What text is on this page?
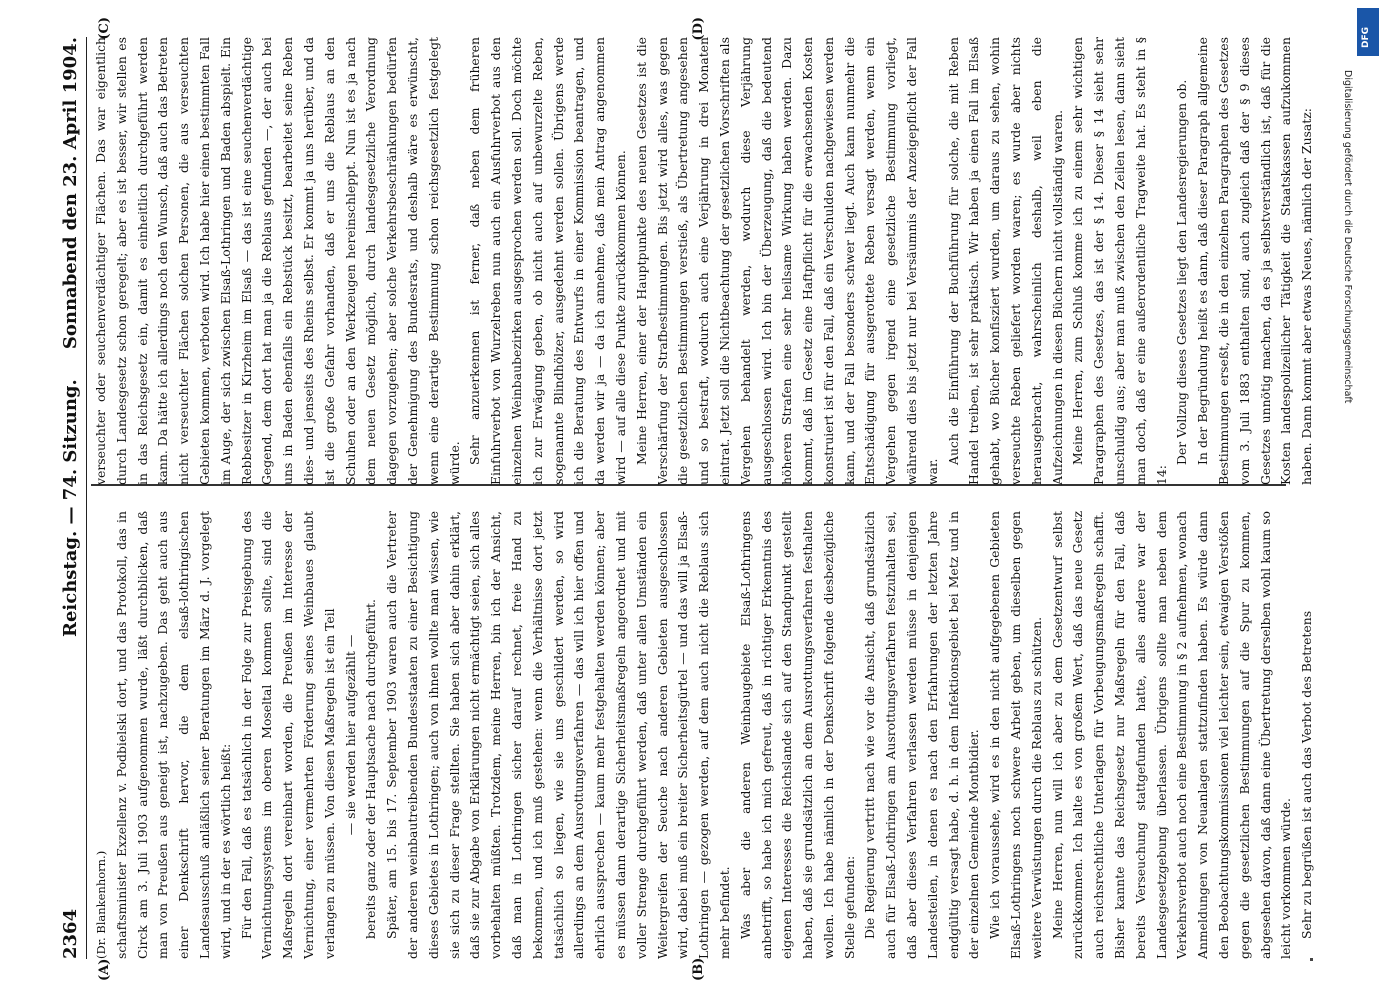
2364
Reichstag. — 74. Sitzung.
Sonnabend den 23. April 1904.
(A)	(B)
(C)	(D)

(Dr. Blankenhorn.) schaftsminister Exzellenz v. Podbielski dort, und das Protokoll, das in Circk am 3. Juli 1903 aufgenommen wurde, läßt durchblicken, daß man von Preußen aus geneigt ist, nachzugeben. Das geht auch aus einer Denkschrift hervor, die dem elsaß-lothringischen Landesausschuß anläßlich seiner Beratungen im März d. J. vorgelegt wird, und in der es wörtlich heißt: Für den Fall, daß es tatsächlich in der Folge zur Preisgebung des Vernichtungssystems im oberen Moseltal kommen sollte, sind die Maßregeln dort vereinbart worden, die Preußen im Interesse der Vernichtung, einer vermehrten Förderung seines Weinbaues glaubt verlangen zu müssen. Von diesen Maßregeln ist ein Teil — sie werden hier aufgezählt — bereits ganz oder der Hauptsache nach durchgeführt. Später, am 15. bis 17. September 1903 waren auch die Vertreter der anderen weinbautreibenden Bundesstaaten zu einer Besichtigung dieses Gebietes in Lothringen; auch von ihnen wollte man wissen, wie sie sich zu dieser Frage stellten. Sie haben sich aber dahin erklärt, daß sie zur Abgabe von Erklärungen nicht ermächtigt seien, sich alles vorbehalten müßten. Trotzdem, meine Herren, bin ich der Ansicht, daß man in Lothringen sicher darauf rechnet, freie Hand zu bekommen, und ich muß gestehen: wenn die Verhältnisse dort jetzt tatsächlich so liegen, wie sie uns geschildert werden, so wird allerdings an dem Ausrottungsverfahren — das will ich hier offen und ehrlich aussprechen — kaum mehr festgehalten werden können; aber es müssen dann derartige Sicherheitsmaßregeln angeordnet und mit voller Strenge durchgeführt werden, daß unter allen Umständen ein Weitergreifen der Seuche nach anderen Gebieten ausgeschlossen wird, dabei muß ein breiter Sicherheitsgürtel — und das will ja Elsaß-Lothringen — gezogen werden, auf dem auch nicht die Reblaus sich mehr befindet. Was aber die anderen Weinbaugebiete Elsaß-Lothringens anbetrifft, so habe ich mich gefreut, daß in richtiger Erkenntnis des eigenen Interesses die Reichslande sich auf den Standpunkt gestellt haben, daß sie grundsätzlich an dem Ausrottungsverfahren festhalten wollen. Ich habe nämlich in der Denkschrift folgende diesbezügliche Stelle gefunden: Die Regierung vertritt nach wie vor die Ansicht, daß grundsätzlich auch für Elsaß-Lothringen am Ausrottungsverfahren festzuhalten sei, daß aber dieses Verfahren verlassen werden müsse in denjenigen Landesteilen, in denen es nach den Erfahrungen der letzten Jahre endgültig versagt habe, d. h. in dem Infektionsgebiet bei Metz und in der einzelnen Gemeinde Montbidier. Wie ich voraussehe, wird es in den nicht aufgegebenen Gebieten Elsaß-Lothringens noch schwere Arbeit geben, um dieselben gegen weitere Verwüstungen durch die Reblaus zu schützen. Meine Herren, nun will ich aber zu dem Gesetzentwurf selbst zurückkommen. Ich halte es von großem Wert, daß das neue Gesetz auch reichsrechtliche Unterlagen für Vorbeugungsmaßregeln schafft. Bisher kannte das Reichsgesetz nur Maßregeln für den Fall, daß bereits Verseuchung stattgefunden hatte, alles andere war der Landesgesetzgebung überlassen. Übrigens sollte man neben dem Verkehrsverbot auch noch eine Bestimmung in § 2 aufnehmen, wonach Anmeldungen von Neuanlagen stattzufinden haben. Es würde dann den Beobachtungskommissionen viel leichter sein, etwaigen Verstößen gegen die gesetzlichen Bestimmungen auf die Spur zu kommen, abgesehen davon, daß dann eine Übertretung derselben wohl kaum so leicht vorkommen würde. Sehr zu begrüßen ist auch das Verbot des Betretens

verseuchter oder seuchenverdächtiger Flächen. Das war eigentlich durch Landesgesetz schon geregelt; aber es ist besser, wir stellen es in das Reichsgesetz ein, damit es einheitlich durchgeführt werden kann. Da hätte ich allerdings noch den Wunsch, daß auch das Betreten nicht verseuchter Flächen solchen Personen, die aus verseuchten Gebieten kommen, verboten wird. Ich habe hier einen bestimmten Fall im Auge, der sich zwischen Elsaß-Lothringen und Baden abspielt. Ein Rebbesitzer in Kirzheim im Elsaß — das ist eine seuchenverdächtige Gegend, dem dort hat man ja die Reblaus gefunden —, der auch bei uns in Baden ebenfalls ein Rebstück besitzt, bearbeitet seine Reben dies- und jenseits des Rheins selbst. Er kommt ja uns herüber, und da ist die große Gefahr vorhanden, daß er uns die Reblaus an den Schuhen oder an den Werkzeugen hereinschleppt. Nun ist es ja nach dem neuen Gesetz möglich, durch landesgesetzliche Verordnung dagegen vorzugehen; aber solche Verkehrsbeschränkungen bedürfen der Genehmigung des Bundesrats, und deshalb wäre es erwünscht, wenn eine derartige Bestimmung schon reichsgesetzlich festgelegt würde. Sehr anzuerkennen ist ferner, daß neben dem früheren Einfuhrverbot von Wurzelreben nun auch ein Ausfuhrverbot aus den einzelnen Weinbaubezirken ausgesprochen werden soll. Doch möchte ich zur Erwägung geben, ob nicht auch auf unbewurzelte Reben, sogenannte Blindhölzer, ausgedehnt werden sollen. Übrigens werde ich die Beratung des Entwurfs in einer Kommission beantragen, und da werden wir ja — da ich annehme, daß mein Antrag angenommen wird — auf alle diese Punkte zurückkommen können. Meine Herren, einer der Hauptpunkte des neuen Gesetzes ist die Verschärfung der Strafbestimmungen. Bis jetzt wird alles, was gegen die gesetzlichen Bestimmungen verstieß, als Übertretung angesehen und so bestraft, wodurch auch eine Verjährung in drei Monaten eintrat. Jetzt soll die Nichtbeachtung der gesetzlichen Vorschriften als Vergehen behandelt werden, wodurch diese Verjährung ausgeschlossen wird. Ich bin der Überzeugung, daß die bedeutend höheren Strafen eine sehr heilsame Wirkung haben werden. Dazu kommt, daß im Gesetz eine Haftpflicht für die erwachsenden Kosten konstruiert ist für den Fall, daß ein Verschulden nachgewiesen werden kann, und der Fall besonders schwer liegt. Auch kann nunmehr die Entschädigung für ausgerottete Reben versagt werden, wenn ein Vergehen gegen irgend eine gesetzliche Bestimmung vorliegt, während dies bis jetzt nur bei Versäumnis der Anzeigepflicht der Fall war.

Auch die Einführung der Buchführung für solche, die mit Reben Handel treiben, ist sehr praktisch. Wir haben ja einen Fall im Elsaß gehabt, wo Bücher konfisziert wurden, um daraus zu sehen, wohin verseuchte Reben geliefert worden waren; es wurde aber nichts herausgebracht, wahrscheinlich deshalb, weil eben die Aufzeichnungen in diesen Büchern nicht vollständig waren. Meine Herren, zum Schluß komme ich zu einem sehr wichtigen Paragraphen des Gesetzes, das ist der § 14. Dieser § 14 sieht sehr unschuldig aus; aber man muß zwischen den Zeilen lesen, dann sieht man doch, daß er eine außerordentliche Tragweite hat. Es steht in § 14:

Der Vollzug dieses Gesetzes liegt den Landesregierungen ob. In der Begründung heißt es dann, daß dieser Paragraph allgemeine Bestimmungen erseßt, die in den einzelnen Paragraphen des Gesetzes vom 3. Juli 1883 enthalten sind, auch zugleich daß der § 9 dieses Gesetzes unnötig machen, da es ja selbstverständlich ist, daß für die Kosten landespolizeilicher Tätigkeit die Staatskassen aufzukommen haben. Dann kommt aber etwas Neues, nämlich der Zusatz:

DFG
Digitalisierung gefördert durch die Deutsche Forschungsgemeinschaft
